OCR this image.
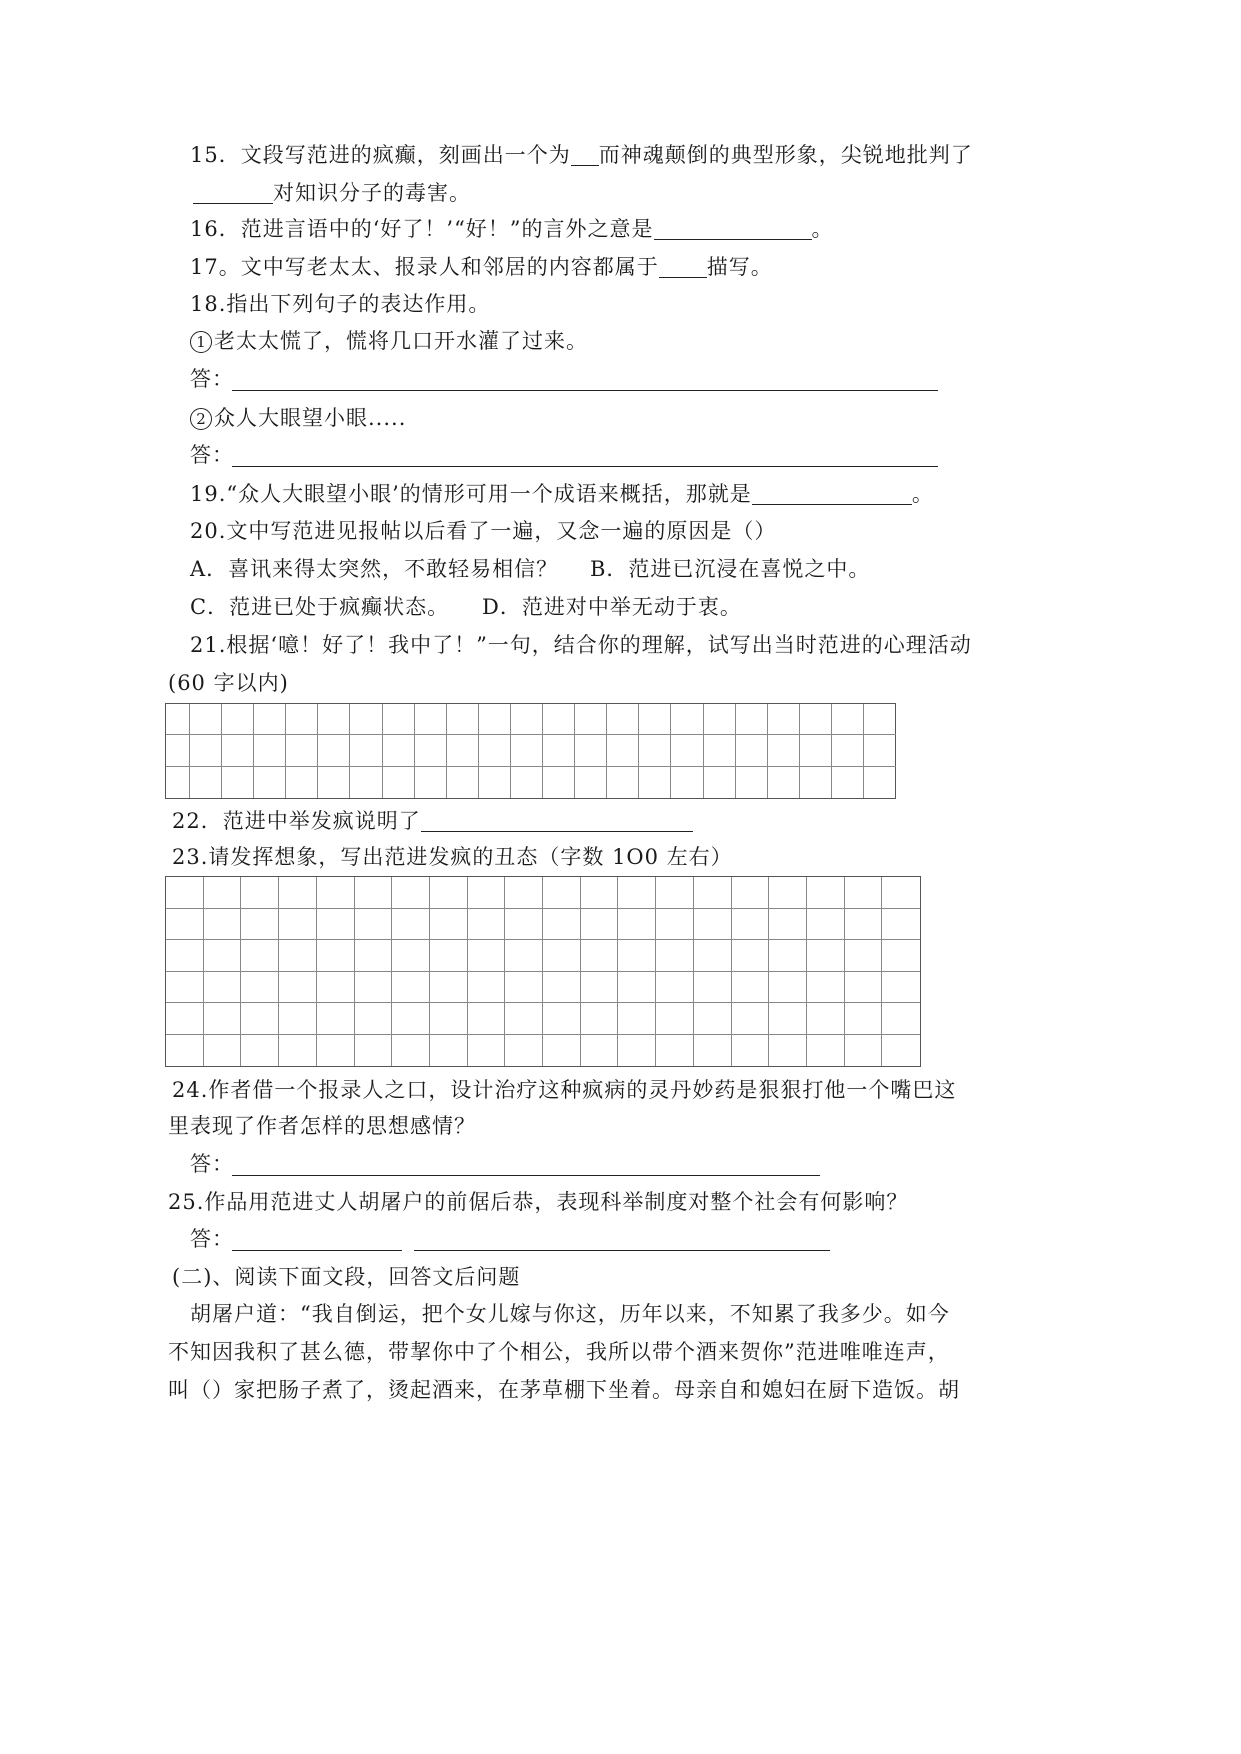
15．文段写范进的疯癫，刻画出一个为 而神魂颠倒的典型形象，尖锐地批判了
对知识分子的毒害。
16．范进言语中的‘好了！’“好！”的言外之意是	。
17。文中写老太太、报录人和邻居的内容都属于 描写。
18.指出下列句子的表达作用。
1 老太太慌了，慌将几口开水灌了过来。
答：
2 众人大眼望小眼.....
答：
19.“众人大眼望小眼’的情形可用一个成语来概括，那就是	。
20.文中写范进见报帖以后看了一遍，又念一遍的原因是（）
A．喜讯来得太突然，不敢轻易相信？ B．范进已沉浸在喜悦之中。
C．范进已处于疯癫状态。 D．范进对中举无动于衷。
21.根据‘噫！好了！我中了！”一句，结合你的理解，试写出当时范进的心理活动
(60 字以内)
22．范进中举发疯说明了
23.请发挥想象，写出范进发疯的丑态（字数 1O0 左右）
24.作者借一个报录人之口，设计治疗这种疯病的灵丹妙药是狠狠打他一个嘴巴这
里表现了作者怎样的思想感情？
答：
25.作品用范进丈人胡屠户的前倨后恭，表现科举制度对整个社会有何影响？
答：
(二)、阅读下面文段，回答文后问题
胡屠户道：“我自倒运，把个女儿嫁与你这，历年以来，不知累了我多少。如今
不知因我积了甚么德，带挈你中了个相公，我所以带个酒来贺你”范进唯唯连声，
叫（）家把肠子煮了，烫起酒来，在茅草棚下坐着。母亲自和媳妇在厨下造饭。胡
